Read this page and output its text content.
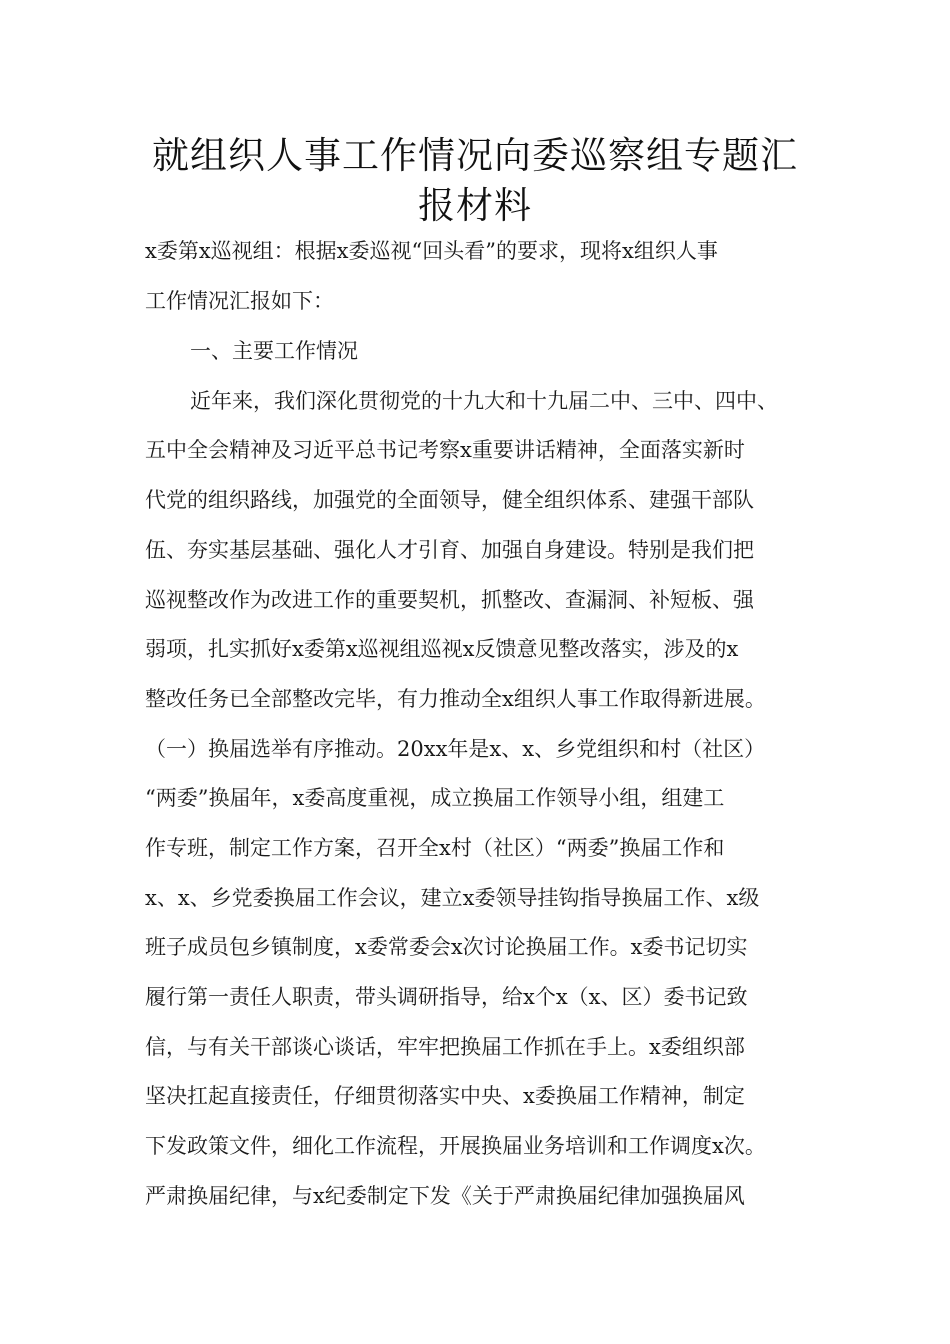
就组织人事工作情况向委巡察组专题汇
报材料
x委第x巡视组：根据x委巡视“回头看”的要求，现将x组织人事
工作情况汇报如下：
一、主要工作情况
近年来，我们深化贯彻党的十九大和十九届二中、三中、四中、
五中全会精神及习近平总书记考察x重要讲话精神，全面落实新时
代党的组织路线，加强党的全面领导，健全组织体系、建强干部队
伍、夯实基层基础、强化人才引育、加强自身建设。特别是我们把
巡视整改作为改进工作的重要契机，抓整改、查漏洞、补短板、强
弱项，扎实抓好x委第x巡视组巡视x反馈意见整改落实，涉及的x
整改任务已全部整改完毕，有力推动全x组织人事工作取得新进展。
（一）换届选举有序推动。20xx年是x、x、乡党组织和村（社区）
“两委”换届年，x委高度重视，成立换届工作领导小组，组建工
作专班，制定工作方案，召开全x村（社区）“两委”换届工作和
x、x、乡党委换届工作会议，建立x委领导挂钩指导换届工作、x级
班子成员包乡镇制度，x委常委会x次讨论换届工作。x委书记切实
履行第一责任人职责，带头调研指导，给x个x（x、区）委书记致
信，与有关干部谈心谈话，牢牢把换届工作抓在手上。x委组织部
坚决扛起直接责任，仔细贯彻落实中央、x委换届工作精神，制定
下发政策文件，细化工作流程，开展换届业务培训和工作调度x次。
严肃换届纪律，与x纪委制定下发《关于严肃换届纪律加强换届风
